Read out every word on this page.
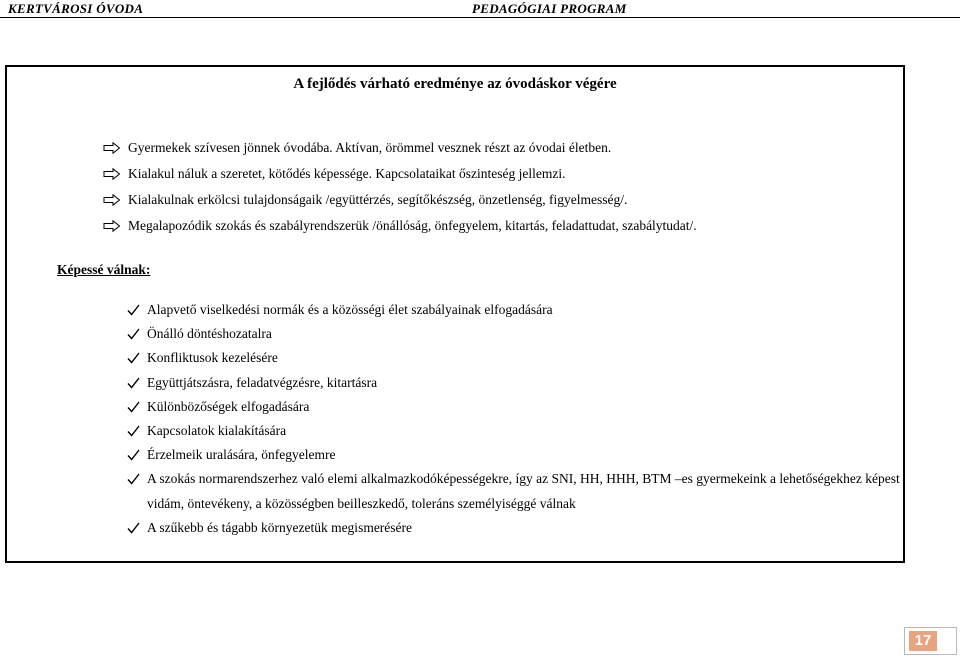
KERTVÁROSI ÓVODA	PEDAGÓGIAI PROGRAM
A fejlődés várható eredménye az óvodáskor végére
Gyermekek szívesen jönnek óvodába. Aktívan, örömmel vesznek részt az óvodai életben.
Kialakul náluk a szeretet, kötődés képessége. Kapcsolataikat őszinteség jellemzi.
Kialakulnak erkölcsi tulajdonságaik /együttérzés, segítőkészség, önzetlenség, figyelmesség/.
Megalapozódik szokás és szabályrendszerük /önállóság, önfegyelem, kitartás, feladattudat, szabálytudat/.
Képessé válnak:
Alapvető viselkedési normák és a közösségi élet szabályainak elfogadására
Önálló döntéshozatalra
Konfliktusok kezelésére
Együttjátszásra, feladatvégzésre, kitartásra
Különbözőségek elfogadására
Kapcsolatok kialakítására
Érzelmeik uralására, önfegyelemre
A szokás normarendszerhez való elemi alkalmazkodóképességekre, így az SNI, HH, HHH, BTM –es gyermekeink a lehetőségekhez képest vidám, öntevékeny, a közösségben beilleszkedő, toleráns személyiséggé válnak
A szűkebb és tágabb környezetük megismerésére
17
